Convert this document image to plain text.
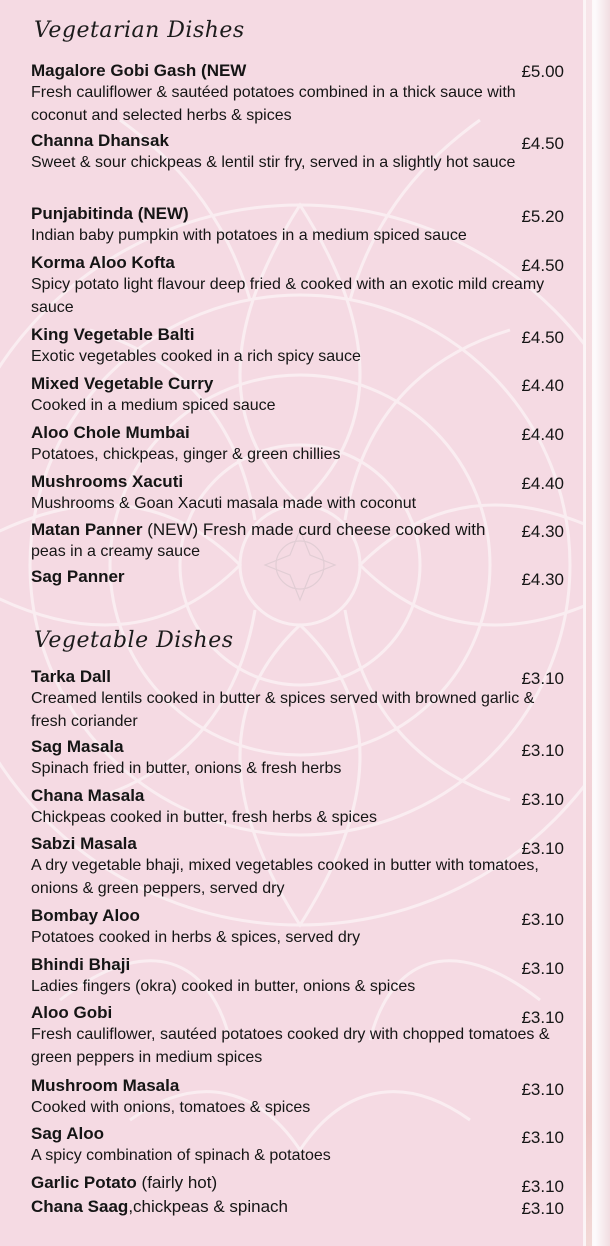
Vegetarian Dishes
Magalore Gobi Gash (NEW
Fresh cauliflower & sautéed potatoes combined in a thick sauce with coconut and selected herbs & spices
£5.00
Channa Dhansak
Sweet & sour chickpeas & lentil stir fry, served in a slightly hot sauce
£4.50
Punjabitinda (NEW)
Indian baby pumpkin with potatoes in a medium spiced sauce
£5.20
Korma Aloo Kofta
Spicy potato light flavour deep fried & cooked with an exotic mild creamy sauce
£4.50
King Vegetable Balti
Exotic vegetables cooked in a rich spicy sauce
£4.50
Mixed Vegetable Curry
Cooked in a medium spiced sauce
£4.40
Aloo Chole Mumbai
Potatoes, chickpeas, ginger & green chillies
£4.40
Mushrooms Xacuti
Mushrooms & Goan Xacuti masala made with coconut
£4.40
Matan Panner (NEW) Fresh made curd cheese cooked with
peas in a creamy sauce
£4.30
Sag Panner	£4.30
Vegetable Dishes
Tarka Dall
Creamed lentils cooked in butter & spices served with browned garlic & fresh coriander
£3.10
Sag Masala
Spinach fried in butter, onions & fresh herbs
£3.10
Chana Masala
Chickpeas cooked in butter, fresh herbs & spices
£3.10
Sabzi Masala
A dry vegetable bhaji, mixed vegetables cooked in butter with tomatoes, onions & green peppers, served dry
£3.10
Bombay Aloo
Potatoes cooked in herbs & spices, served dry
£3.10
Bhindi Bhaji
Ladies fingers (okra) cooked in butter, onions & spices
£3.10
Aloo Gobi
Fresh cauliflower, sautéed potatoes cooked dry with chopped tomatoes & green peppers in medium spices
£3.10
Mushroom Masala
Cooked with onions, tomatoes & spices
£3.10
Sag Aloo
A spicy combination of spinach & potatoes
£3.10
Garlic Potato (fairly hot)	£3.10
Chana Saag,chickpeas & spinach	£3.10
